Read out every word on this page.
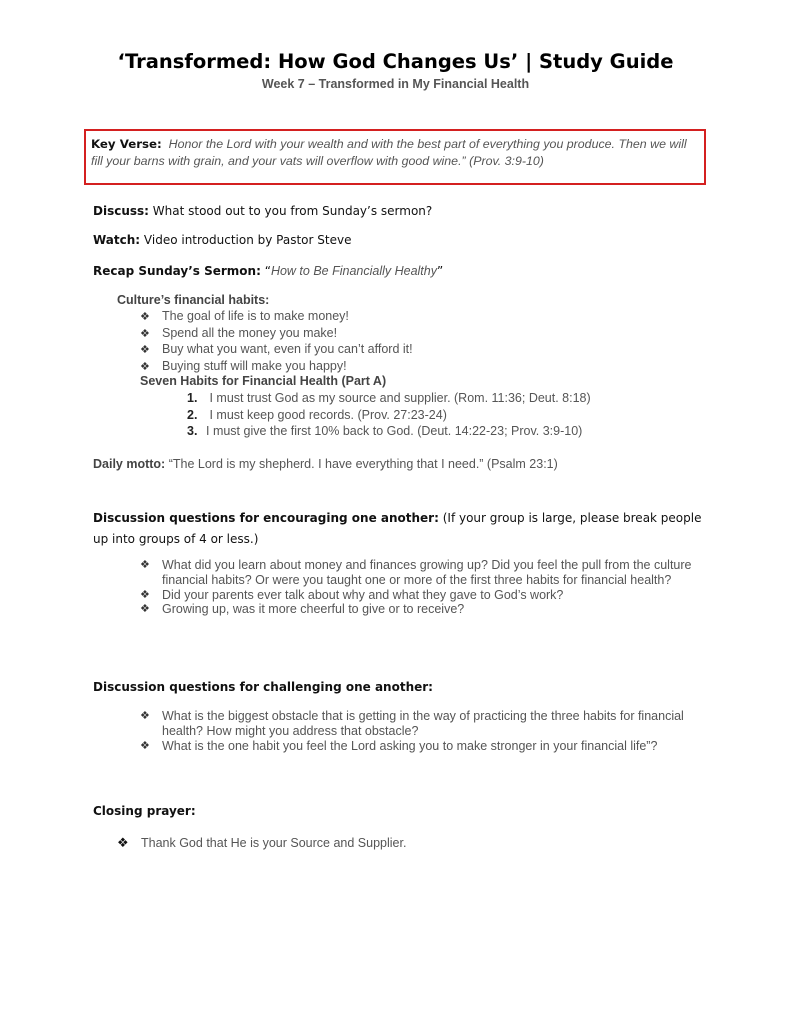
‘Transformed: How God Changes Us’ | Study Guide
Week 7 – Transformed in My Financial Health
Key Verse: Honor the Lord with your wealth and with the best part of everything you produce. Then we will fill your barns with grain, and your vats will overflow with good wine.” (Prov. 3:9-10)
Discuss: What stood out to you from Sunday’s sermon?
Watch: Video introduction by Pastor Steve
Recap Sunday’s Sermon: “How to Be Financially Healthy”
Culture’s financial habits:
❖ The goal of life is to make money!
❖ Spend all the money you make!
❖ Buy what you want, even if you can’t afford it!
❖ Buying stuff will make you happy!
Seven Habits for Financial Health (Part A)
1. I must trust God as my source and supplier. (Rom. 11:36; Deut. 8:18)
2. I must keep good records. (Prov. 27:23-24)
3. I must give the first 10% back to God. (Deut. 14:22-23; Prov. 3:9-10)
Daily motto: “The Lord is my shepherd. I have everything that I need.” (Psalm 23:1)
Discussion questions for encouraging one another: (If your group is large, please break people up into groups of 4 or less.)
❖ What did you learn about money and finances growing up? Did you feel the pull from the culture financial habits? Or were you taught one or more of the first three habits for financial health?
❖ Did your parents ever talk about why and what they gave to God’s work?
❖ Growing up, was it more cheerful to give or to receive?
Discussion questions for challenging one another:
❖ What is the biggest obstacle that is getting in the way of practicing the three habits for financial health? How might you address that obstacle?
❖ What is the one habit you feel the Lord asking you to make stronger in your financial life”?
Closing prayer:
❖ Thank God that He is your Source and Supplier.
